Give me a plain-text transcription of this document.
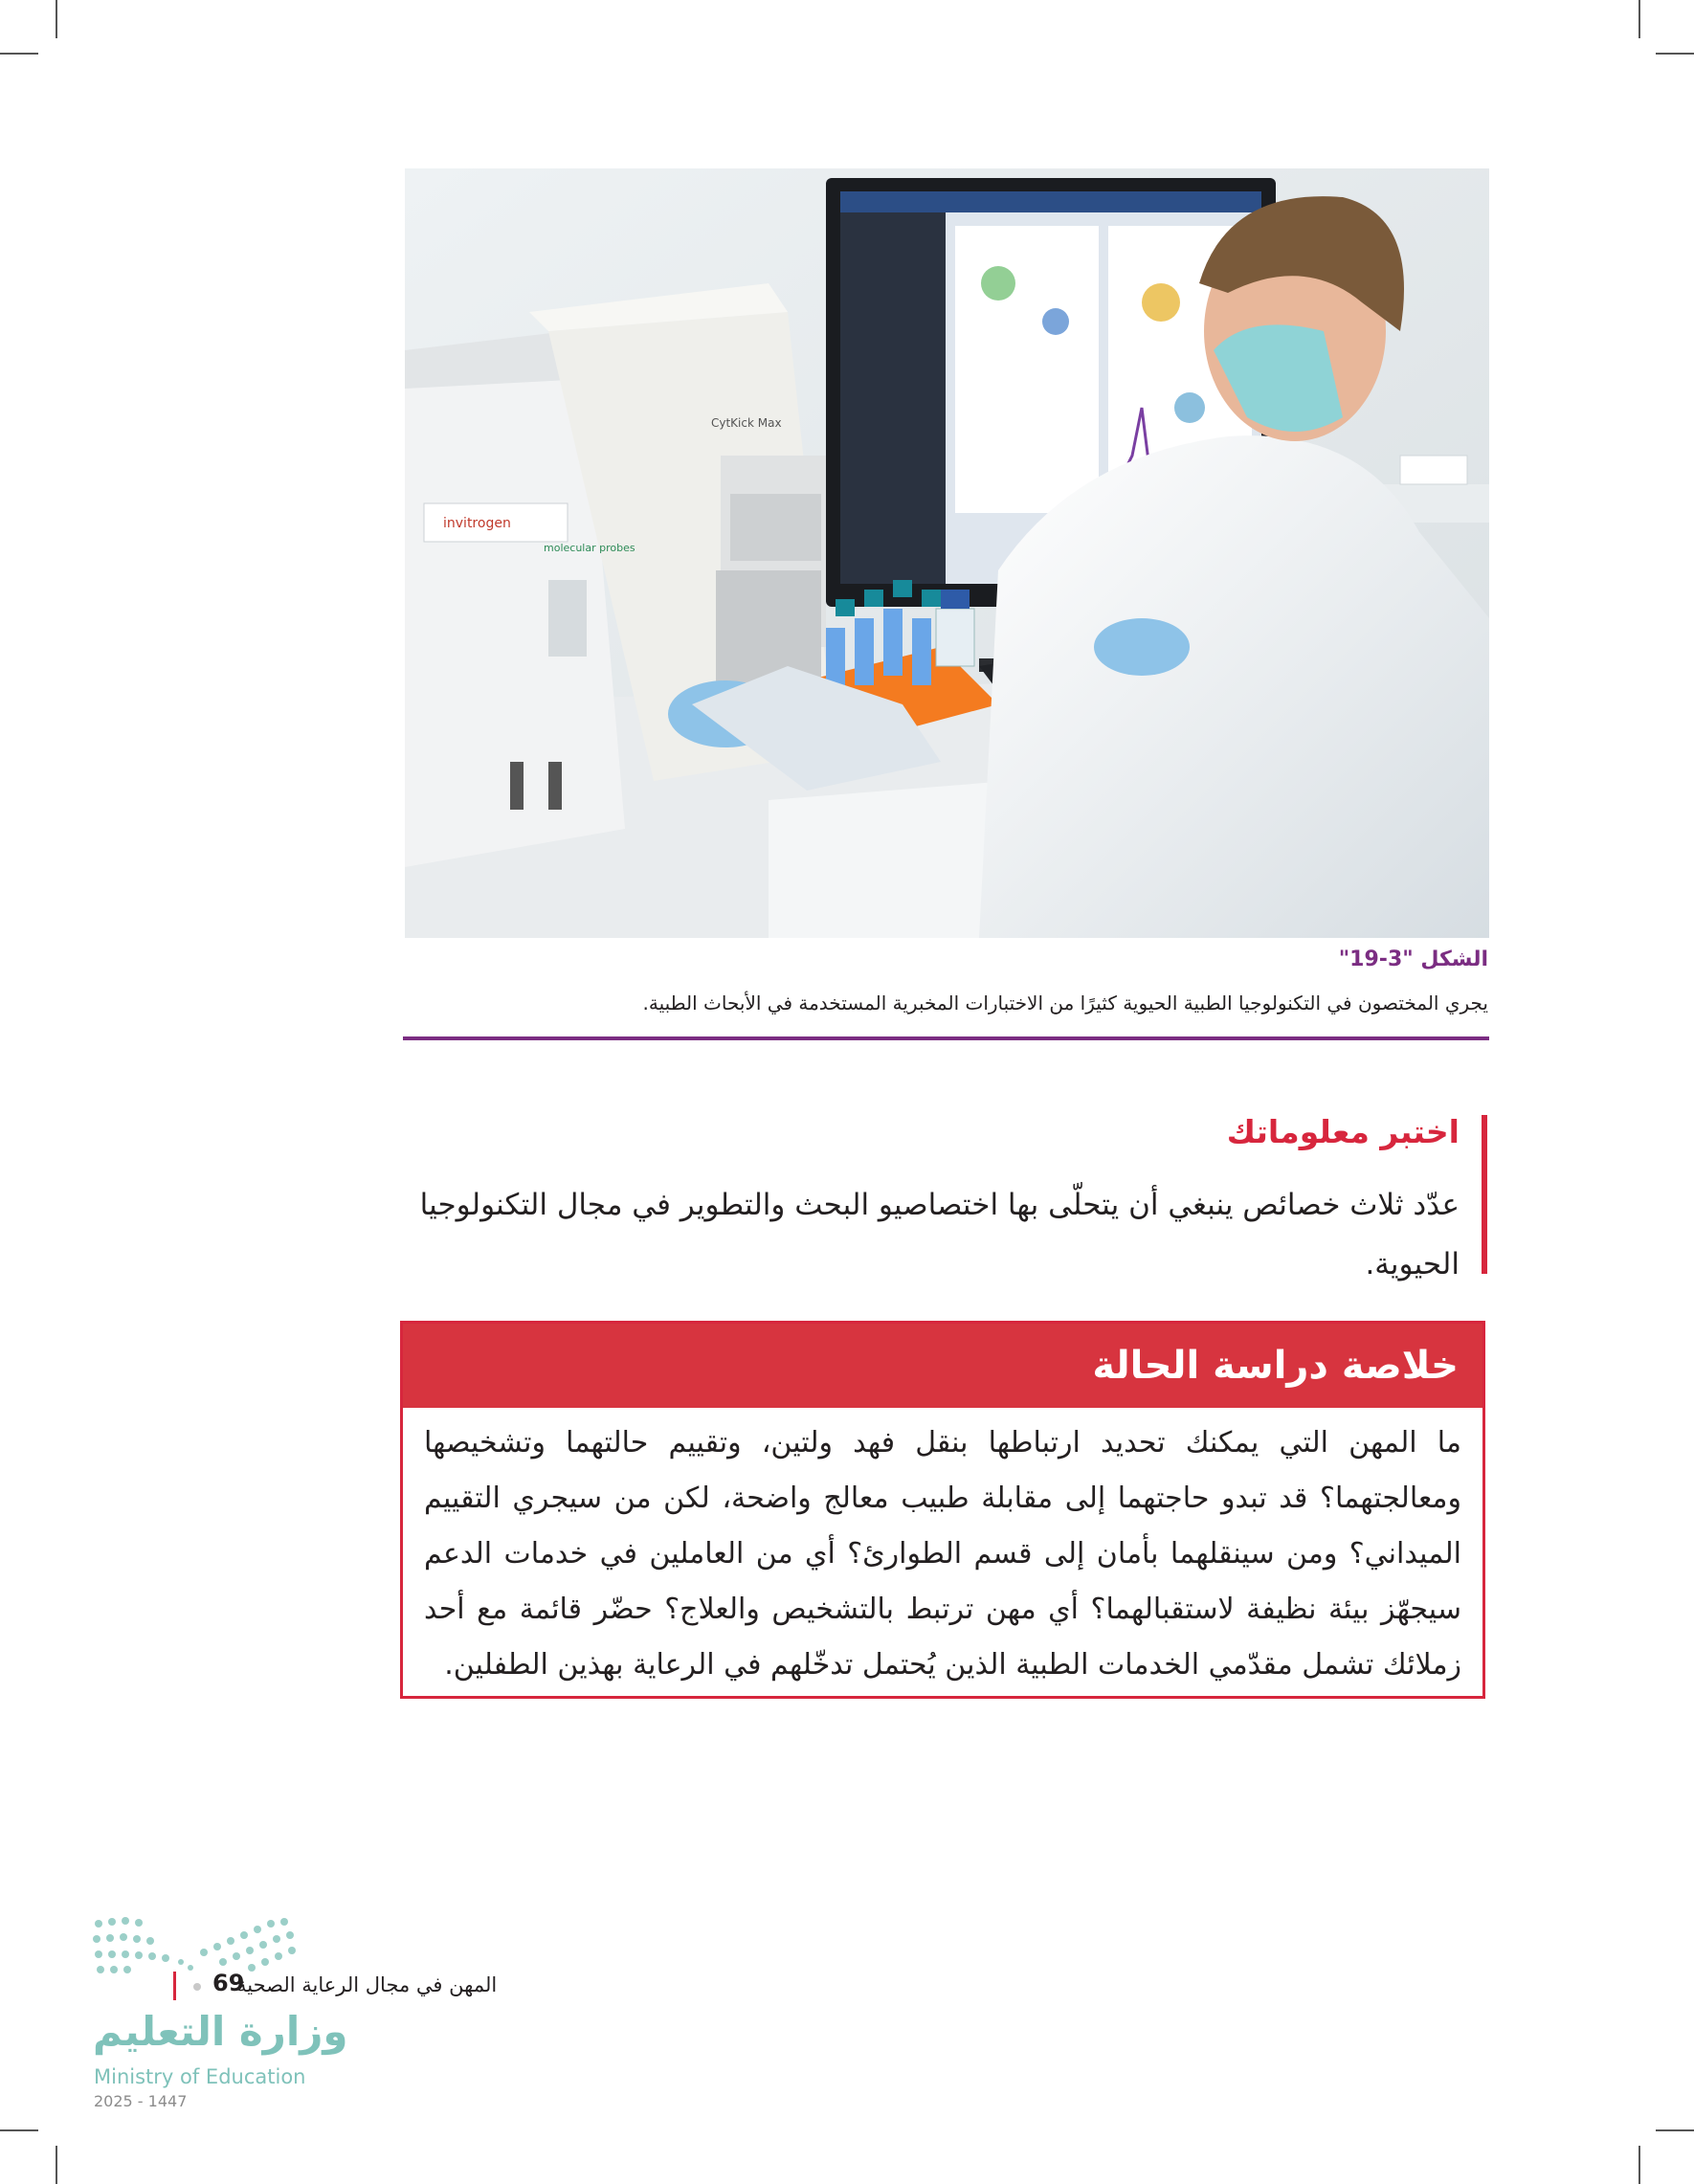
invitrogen
CytKick Max
molecular probes
الشكل "3-19"
يجري المختصون في التكنولوجيا الطبية الحيوية كثيرًا من الاختبارات المخبرية المستخدمة في الأبحاث الطبية.
اختبر معلوماتك
عدّد ثلاث خصائص ينبغي أن يتحلّى بها اختصاصيو البحث والتطوير في مجال التكنولوجيا الحيوية.
خلاصة دراسة الحالة
ما المهن التي يمكنك تحديد ارتباطها بنقل فهد ولتين، وتقييم حالتهما وتشخيصها ومعالجتهما؟ قد تبدو حاجتهما إلى مقابلة طبيب معالج واضحة، لكن من سيجري التقييم الميداني؟ ومن سينقلهما بأمان إلى قسم الطوارئ؟ أي من العاملين في خدمات الدعم سيجهّز بيئة نظيفة لاستقبالهما؟ أي مهن ترتبط بالتشخيص والعلاج؟ حضّر قائمة مع أحد زملائك تشمل مقدّمي الخدمات الطبية الذين يُحتمل تدخّلهم في الرعاية بهذين الطفلين.
69
المهن في مجال الرعاية الصحية
وزارة التعليم
Ministry of Education
2025 - 1447
